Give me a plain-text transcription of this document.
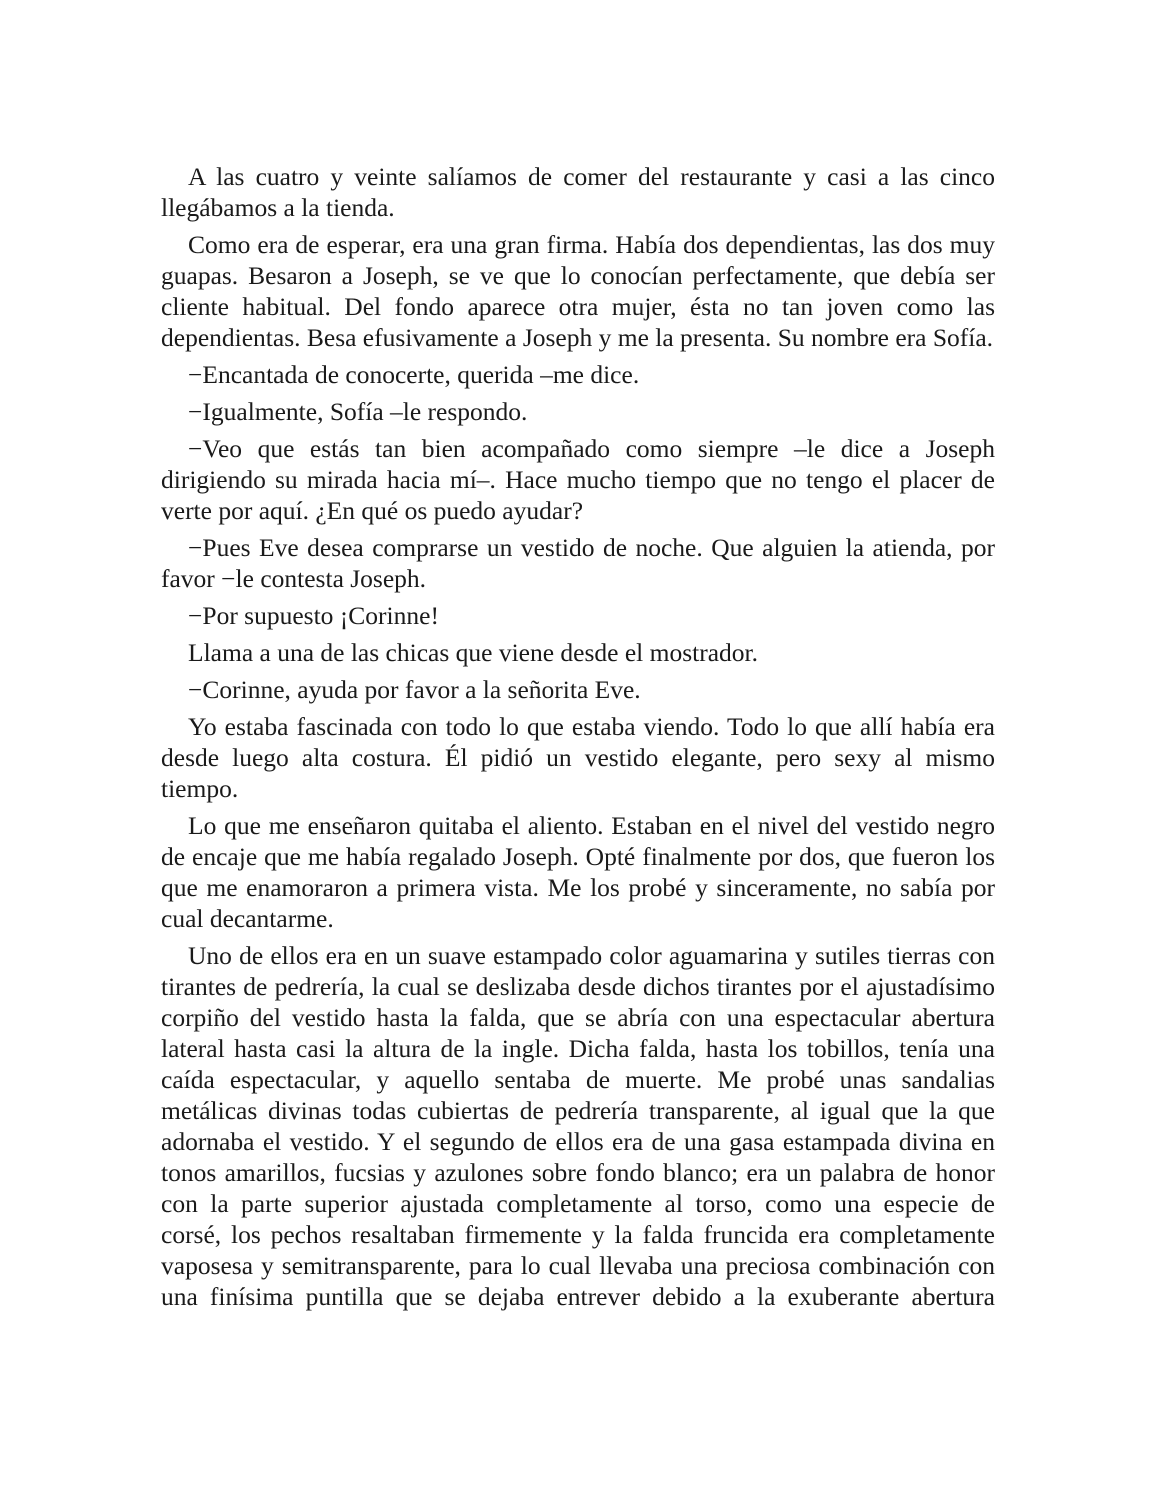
A las cuatro y veinte salíamos de comer del restaurante y casi a las cinco llegábamos a la tienda.

Como era de esperar, era una gran firma. Había dos dependientas, las dos muy guapas. Besaron a Joseph, se ve que lo conocían perfectamente, que debía ser cliente habitual. Del fondo aparece otra mujer, ésta no tan joven como las dependientas. Besa efusivamente a Joseph y me la presenta. Su nombre era Sofía.

−Encantada de conocerte, querida –me dice.

−Igualmente, Sofía –le respondo.

−Veo que estás tan bien acompañado como siempre –le dice a Joseph dirigiendo su mirada hacia mí–. Hace mucho tiempo que no tengo el placer de verte por aquí. ¿En qué os puedo ayudar?

−Pues Eve desea comprarse un vestido de noche. Que alguien la atienda, por favor −le contesta Joseph.

−Por supuesto ¡Corinne!

Llama a una de las chicas que viene desde el mostrador.

−Corinne, ayuda por favor a la señorita Eve.

Yo estaba fascinada con todo lo que estaba viendo. Todo lo que allí había era desde luego alta costura. Él pidió un vestido elegante, pero sexy al mismo tiempo.

Lo que me enseñaron quitaba el aliento. Estaban en el nivel del vestido negro de encaje que me había regalado Joseph. Opté finalmente por dos, que fueron los que me enamoraron a primera vista. Me los probé y sinceramente, no sabía por cual decantarme.

Uno de ellos era en un suave estampado color aguamarina y sutiles tierras con tirantes de pedrería, la cual se deslizaba desde dichos tirantes por el ajustadísimo corpiño del vestido hasta la falda, que se abría con una espectacular abertura lateral hasta casi la altura de la ingle. Dicha falda, hasta los tobillos, tenía una caída espectacular, y aquello sentaba de muerte. Me probé unas sandalias metálicas divinas todas cubiertas de pedrería transparente, al igual que la que adornaba el vestido. Y el segundo de ellos era de una gasa estampada divina en tonos amarillos, fucsias y azulones sobre fondo blanco; era un palabra de honor con la parte superior ajustada completamente al torso, como una especie de corsé, los pechos resaltaban firmemente y la falda fruncida era completamente vaposesa y semitransparente, para lo cual llevaba una preciosa combinación con una finísima puntilla que se dejaba entrever debido a la exuberante abertura
